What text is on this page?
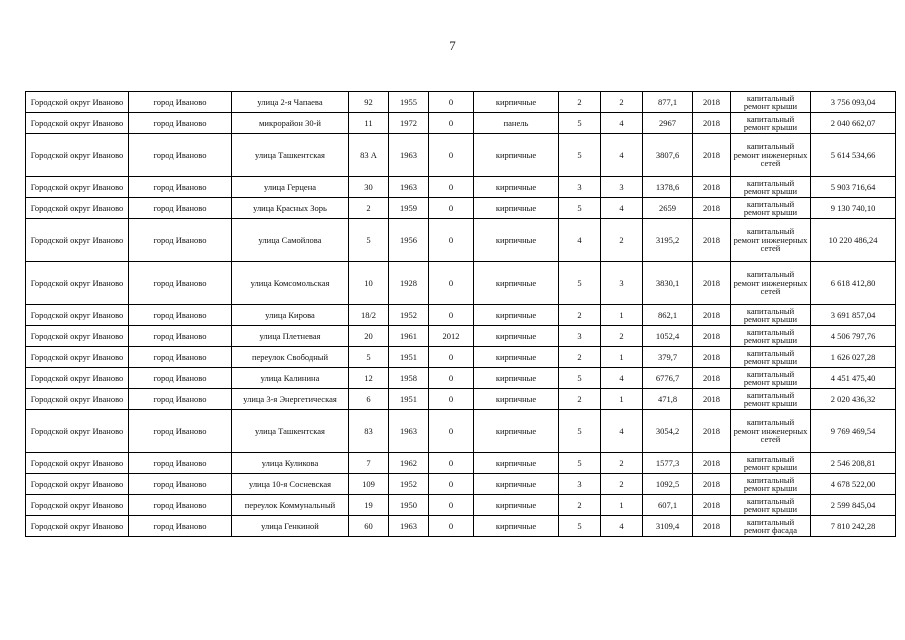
7
Городской округ Иваново	город Иваново	улица 2-я Чапаева	92	1955	0	кирпичные	2	2	877,1	2018	капитальный ремонт крыши	3 756 093,04
Городской округ Иваново	город Иваново	микрорайон 30-й	11	1972	0	панель	5	4	2967	2018	капитальный ремонт крыши	2 040 662,07
Городской округ Иваново	город Иваново	улица Ташкентская	83 А	1963	0	кирпичные	5	4	3807,6	2018	капитальный ремонт инженерных сетей	5 614 534,66
Городской округ Иваново	город Иваново	улица Герцена	30	1963	0	кирпичные	3	3	1378,6	2018	капитальный ремонт крыши	5 903 716,64
Городской округ Иваново	город Иваново	улица Красных Зорь	2	1959	0	кирпичные	5	4	2659	2018	капитальный ремонт крыши	9 130 740,10
Городской округ Иваново	город Иваново	улица Самойлова	5	1956	0	кирпичные	4	2	3195,2	2018	капитальный ремонт инженерных сетей	10 220 486,24
Городской округ Иваново	город Иваново	улица Комсомольская	10	1928	0	кирпичные	5	3	3830,1	2018	капитальный ремонт инженерных сетей	6 618 412,80
Городской округ Иваново	город Иваново	улица Кирова	18/2	1952	0	кирпичные	2	1	862,1	2018	капитальный ремонт крыши	3 691 857,04
Городской округ Иваново	город Иваново	улица Плетневая	20	1961	2012	кирпичные	3	2	1052,4	2018	капитальный ремонт крыши	4 506 797,76
Городской округ Иваново	город Иваново	переулок Свободный	5	1951	0	кирпичные	2	1	379,7	2018	капитальный ремонт крыши	1 626 027,28
Городской округ Иваново	город Иваново	улица Калинина	12	1958	0	кирпичные	5	4	6776,7	2018	капитальный ремонт крыши	4 451 475,40
Городской округ Иваново	город Иваново	улица 3-я Энергетическая	6	1951	0	кирпичные	2	1	471,8	2018	капитальный ремонт крыши	2 020 436,32
Городской округ Иваново	город Иваново	улица Ташкентская	83	1963	0	кирпичные	5	4	3054,2	2018	капитальный ремонт инженерных сетей	9 769 469,54
Городской округ Иваново	город Иваново	улица Куликова	7	1962	0	кирпичные	5	2	1577,3	2018	капитальный ремонт крыши	2 546 208,81
Городской округ Иваново	город Иваново	улица 10-я Сосневская	109	1952	0	кирпичные	3	2	1092,5	2018	капитальный ремонт крыши	4 678 522,00
Городской округ Иваново	город Иваново	переулок Коммунальный	19	1950	0	кирпичные	2	1	607,1	2018	капитальный ремонт крыши	2 599 845,04
Городской округ Иваново	город Иваново	улица Генкиной	60	1963	0	кирпичные	5	4	3109,4	2018	капитальный ремонт фасада	7 810 242,28
